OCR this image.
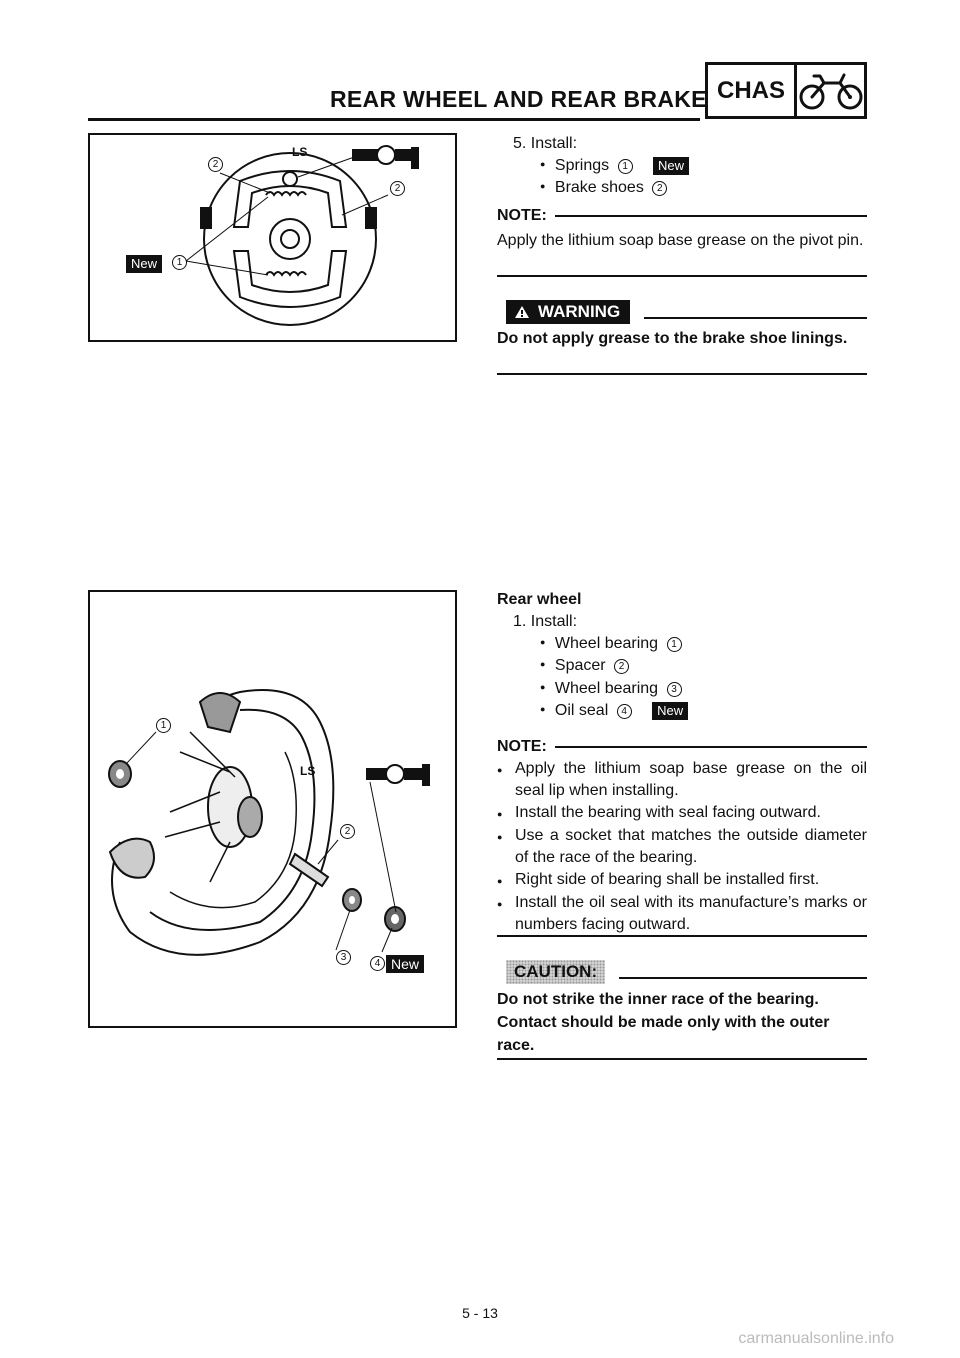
REAR WHEEL AND REAR BRAKE CHAS
LS
2
2
New	1
5. Install:
● Springs 1 New
● Brake shoes 2
NOTE:
Apply the lithium soap base grease on the pivot pin.
WARNING
Do not apply grease to the brake shoe linings.
LS
1
2
3
4 New
Rear wheel
1. Install:
● Wheel bearing 1
● Spacer 2
● Wheel bearing 3
● Oil seal 4 New
NOTE:
● Apply the lithium soap base grease on the oil seal lip when installing.
● Install the bearing with seal facing outward.
● Use a socket that matches the outside diameter of the race of the bearing.
● Right side of bearing shall be installed first.
● Install the oil seal with its manufacture’s marks or numbers facing outward.
CAUTION:
Do not strike the inner race of the bearing. Contact should be made only with the outer race.
5 - 13
carmanualsonline.info
